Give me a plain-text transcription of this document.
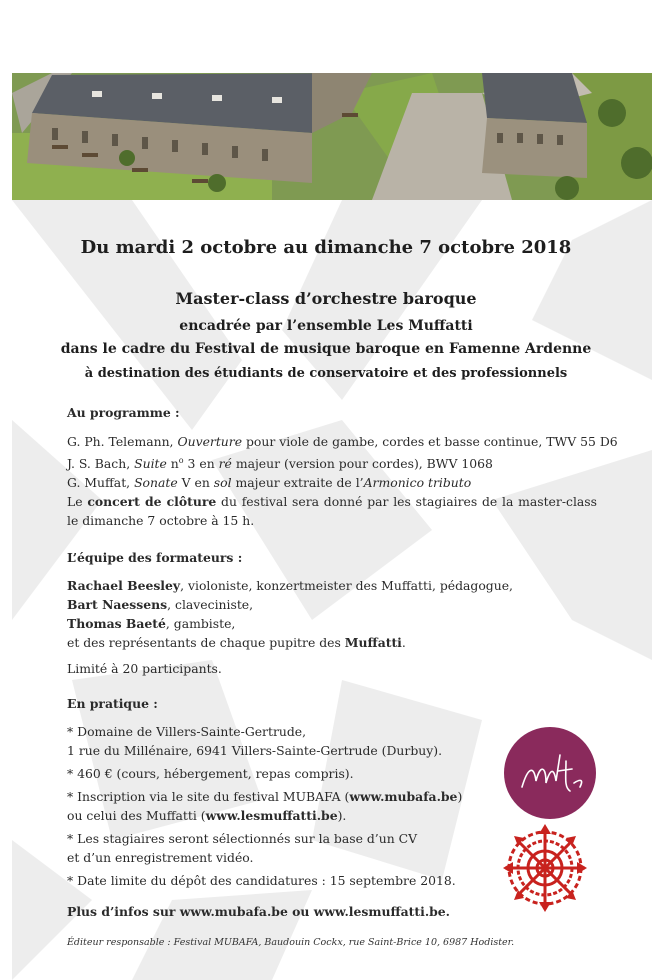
Du mardi 2 octobre au dimanche 7 octobre 2018
Master-class d’orchestre baroque
encadrée par l’ensemble Les Muffatti
dans le cadre du Festival de musique baroque en Famenne Ardenne
à destination des étudiants de conservatoire et des professionnels
Au programme :
G. Ph. Telemann, Ouverture pour viole de gambe, cordes et basse continue, TWV 55 D6
J. S. Bach, Suite $n^o$ 3 en ré majeur (version pour cordes), BWV 1068
G. Muffat, Sonate V en sol majeur extraite de l’Armonico tributo
Le concert de clôture du festival sera donné par les stagiaires de la master-class le dimanche 7 octobre à 15 h.
L’équipe des formateurs :
Rachael Beesley, violoniste, konzertmeister des Muffatti, pédagogue,
Bart Naessens, claveciniste,
Thomas Baeté, gambiste,
et des représentants de chaque pupitre des Muffatti.
Limité à 20 participants.
En pratique :
* Domaine de Villers-Sainte-Gertrude,
1 rue du Millénaire, 6941 Villers-Sainte-Gertrude (Durbuy).
* 460 € (cours, hébergement, repas compris).
* Inscription via le site du festival MUBAFA (www.mubafa.be)
ou celui des Muffatti (www.lesmuffatti.be).
* Les stagiaires seront sélectionnés sur la base d’un CV
et d’un enregistrement vidéo.
* Date limite du dépôt des candidatures : 15 septembre 2018.
Plus d’infos sur www.mubafa.be ou www.lesmuffatti.be.
Éditeur responsable : Festival MUBAFA, Baudouin Cockx, rue Saint-Brice 10, 6987 Hodister.
